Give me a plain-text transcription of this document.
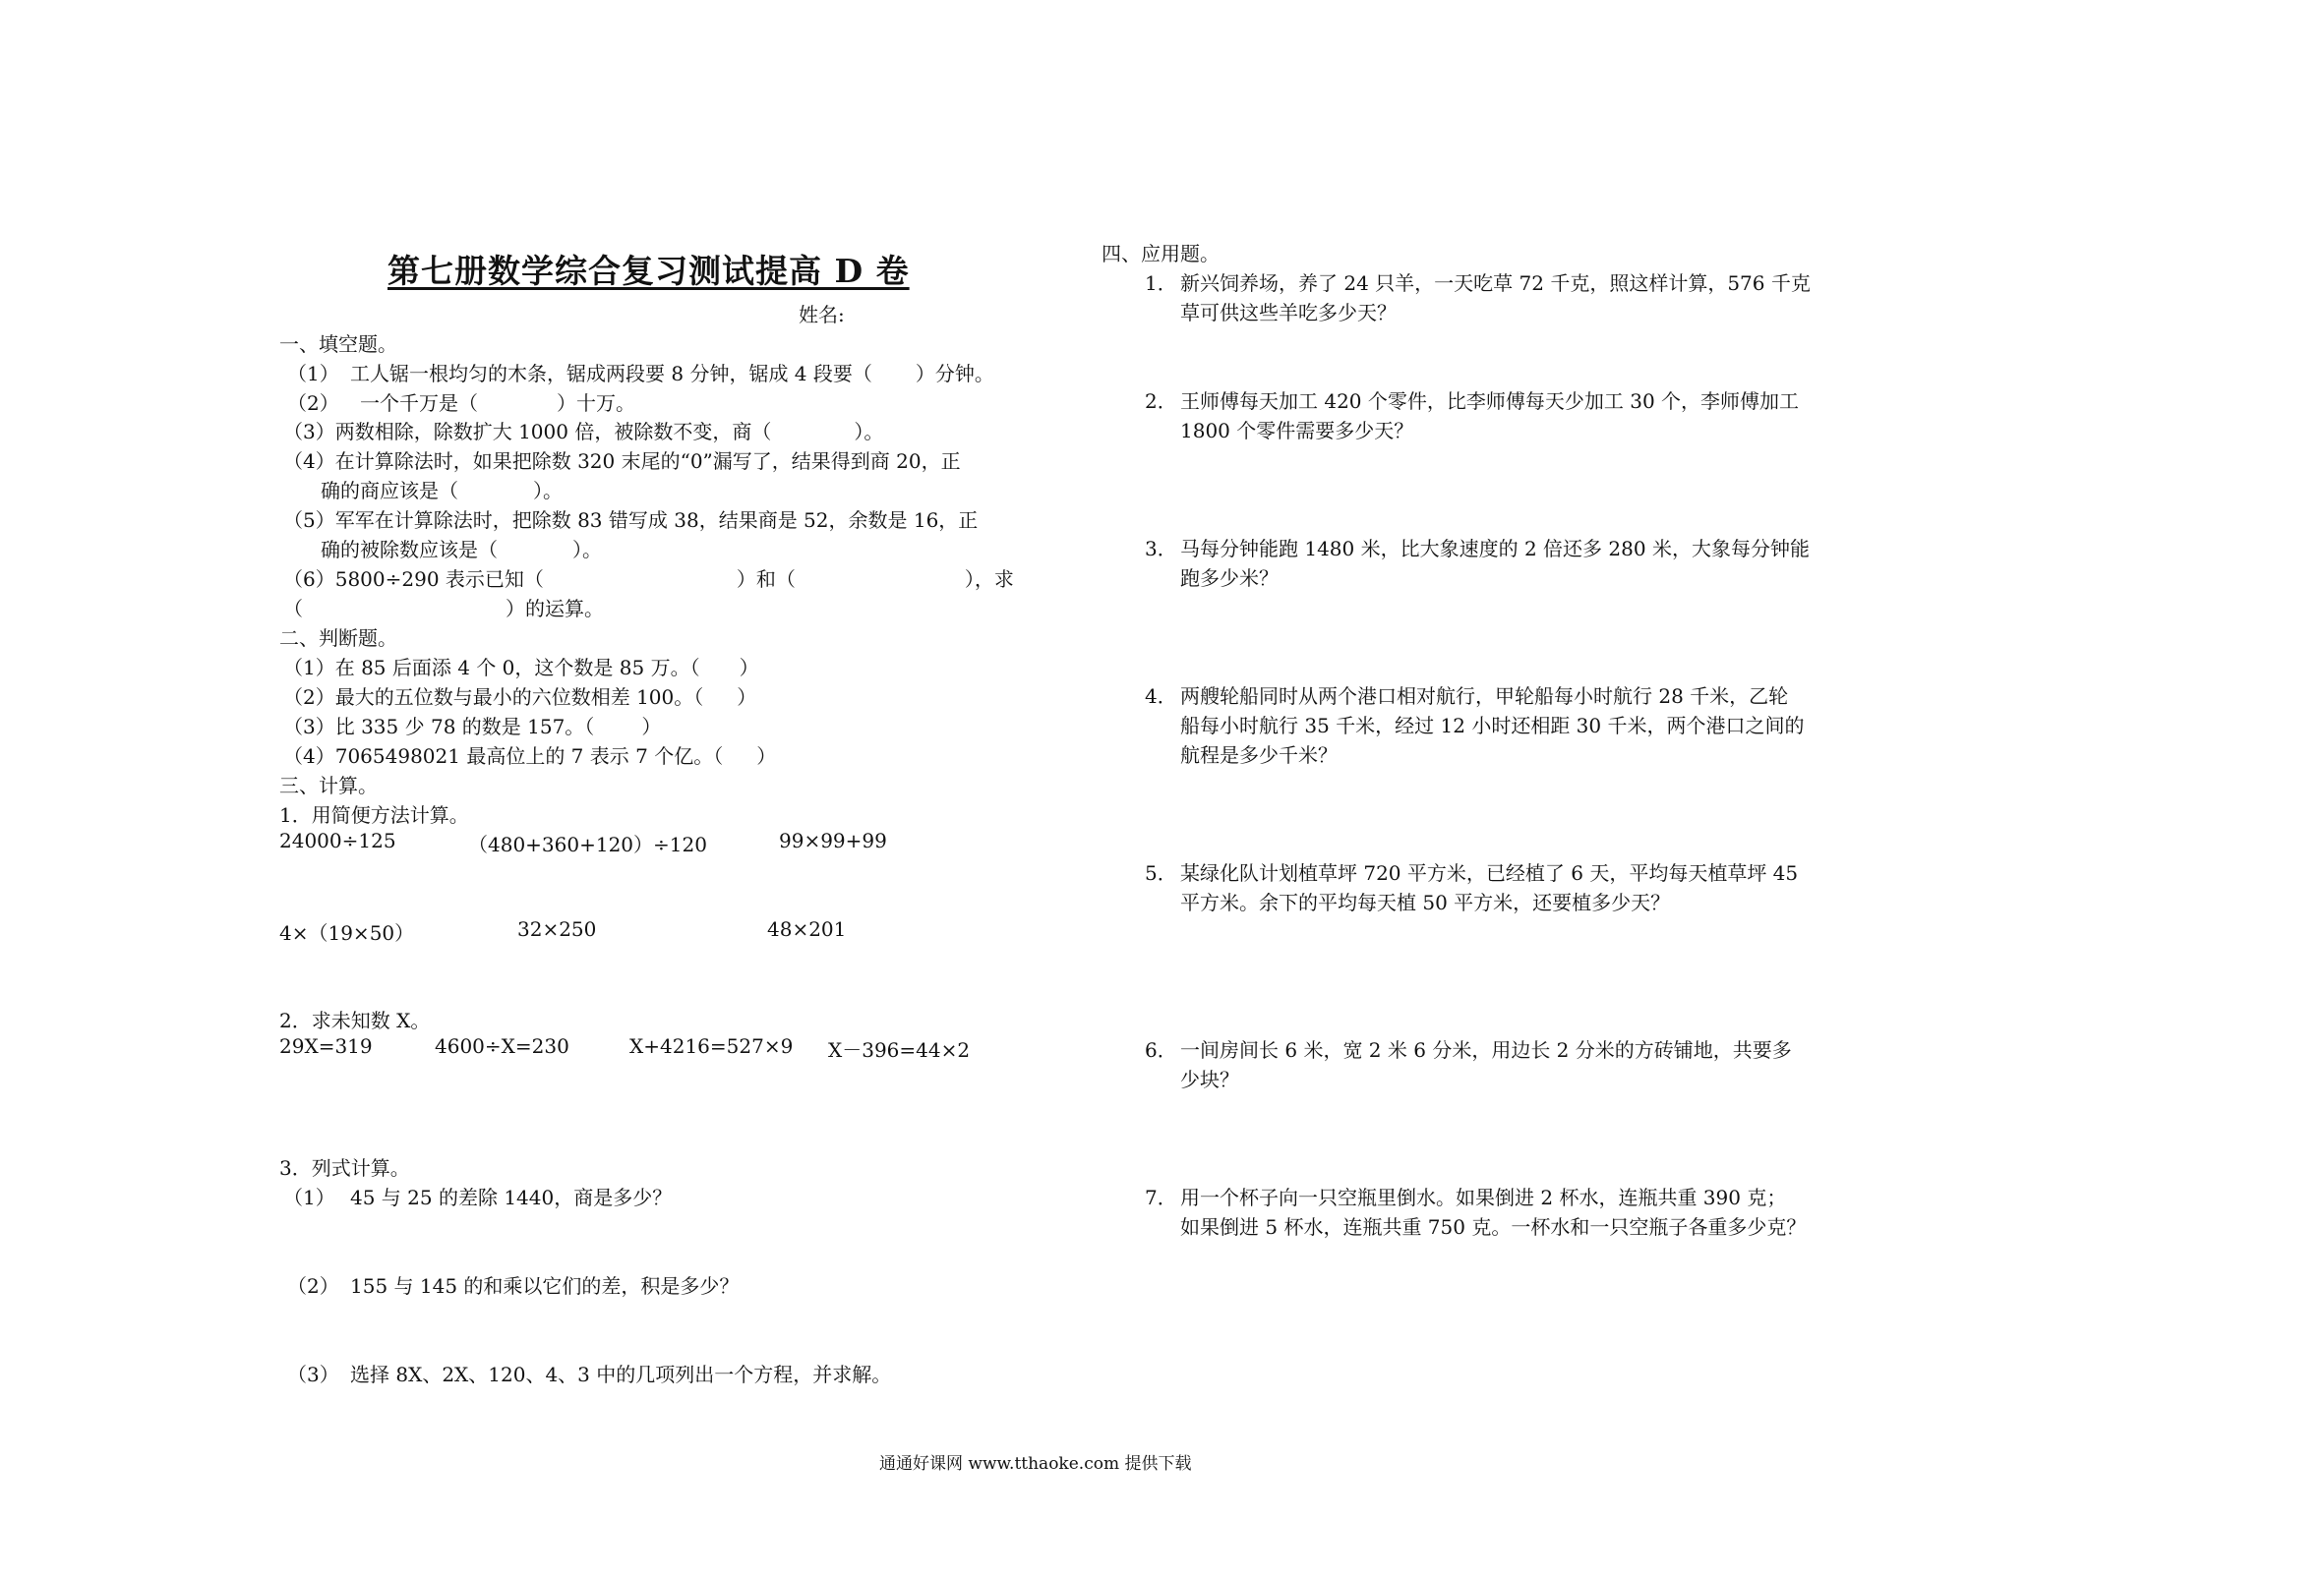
第七册数学综合复习测试提高 D 卷
姓名:
一、填空题。
（1） 工人锯一根均匀的木条，锯成两段要 8 分钟，锯成 4 段要（ ）分钟。
（2） 一个千万是（	）十万。
（3）两数相除，除数扩大 1000 倍，被除数不变，商（	）。
（4）在计算除法时，如果把除数 320 末尾的“0”漏写了，结果得到商 20，正
确的商应该是（	）。
（5）军军在计算除法时，把除数 83 错写成 38，结果商是 52，余数是 16，正
确的被除数应该是（	）。
（6）5800÷290 表示已知（	）和（	），求
（	）的运算。
二、判断题。
（1）在 85 后面添 4 个 0，这个数是 85 万。（ ）
（2）最大的五位数与最小的六位数相差 100。（ ）
（3）比 335 少 78 的数是 157。（ ）
（4）7065498021 最高位上的 7 表示 7 个亿。（ ）
三、计算。
1．用简便方法计算。
24000÷125	（480+360+120）÷120	99×99+99
4×（19×50）	32×250	48×201
2．求未知数 X。
29X=319	4600÷X=230	X+4216=527×9 X－396=44×2
3．列式计算。
（1） 45 与 25 的差除 1440，商是多少？
（2） 155 与 145 的和乘以它们的差，积是多少？
（3） 选择 8X、2X、120、4、3 中的几项列出一个方程，并求解。
四、应用题。
1． 新兴饲养场，养了 24 只羊，一天吃草 72 千克，照这样计算，576 千克
草可供这些羊吃多少天？
2． 王师傅每天加工 420 个零件，比李师傅每天少加工 30 个，李师傅加工
1800 个零件需要多少天？
3． 马每分钟能跑 1480 米，比大象速度的 2 倍还多 280 米，大象每分钟能
跑多少米？
4． 两艘轮船同时从两个港口相对航行，甲轮船每小时航行 28 千米，乙轮
船每小时航行 35 千米，经过 12 小时还相距 30 千米，两个港口之间的
航程是多少千米？
5． 某绿化队计划植草坪 720 平方米，已经植了 6 天，平均每天植草坪 45
平方米。余下的平均每天植 50 平方米，还要植多少天？
6． 一间房间长 6 米，宽 2 米 6 分米，用边长 2 分米的方砖铺地，共要多
少块？
7． 用一个杯子向一只空瓶里倒水。如果倒进 2 杯水，连瓶共重 390 克；
如果倒进 5 杯水，连瓶共重 750 克。一杯水和一只空瓶子各重多少克？
通通好课网 www.tthaoke.com 提供下载
